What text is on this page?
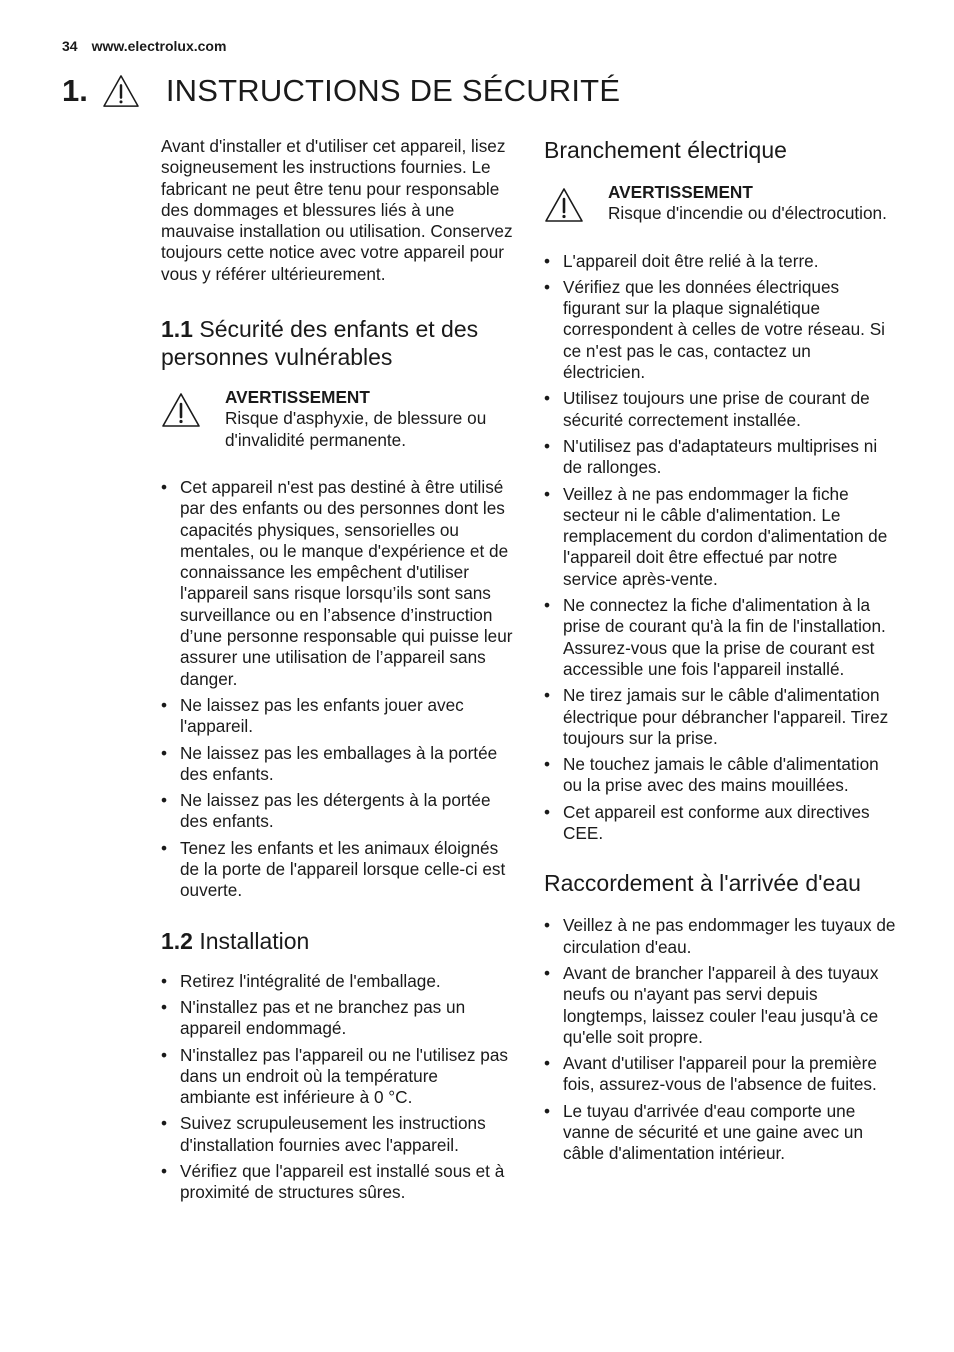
34 www.electrolux.com
1.	INSTRUCTIONS DE SÉCURITÉ

Avant d'installer et d'utiliser cet appareil, lisez soigneusement les instructions fournies. Le fabricant ne peut être tenu pour responsable des dommages et blessures liés à une mauvaise installation ou utilisation. Conservez toujours cette notice avec votre appareil pour vous y référer ultérieurement.

1.1 Sécurité des enfants et des personnes vulnérables
AVERTISSEMENT
Risque d'asphyxie, de blessure ou d'invalidité permanente.
• Cet appareil n'est pas destiné à être utilisé par des enfants ou des personnes dont les capacités physiques, sensorielles ou mentales, ou le manque d'expérience et de connaissance les empêchent d'utiliser l'appareil sans risque lorsqu’ils sont sans surveillance ou en l’absence d’instruction d’une personne responsable qui puisse leur assurer une utilisation de l’appareil sans danger.
• Ne laissez pas les enfants jouer avec l'appareil.
• Ne laissez pas les emballages à la portée des enfants.
• Ne laissez pas les détergents à la portée des enfants.
• Tenez les enfants et les animaux éloignés de la porte de l'appareil lorsque celle-ci est ouverte.
1.2 Installation
• Retirez l'intégralité de l'emballage.
• N'installez pas et ne branchez pas un appareil endommagé.
• N'installez pas l'appareil ou ne l'utilisez pas dans un endroit où la température ambiante est inférieure à 0 °C.
• Suivez scrupuleusement les instructions d'installation fournies avec l'appareil.
• Vérifiez que l'appareil est installé sous et à proximité de structures sûres.
Branchement électrique
AVERTISSEMENT
Risque d'incendie ou d'électrocution.
• L'appareil doit être relié à la terre.
• Vérifiez que les données électriques figurant sur la plaque signalétique correspondent à celles de votre réseau. Si ce n'est pas le cas, contactez un électricien.
• Utilisez toujours une prise de courant de sécurité correctement installée.
• N'utilisez pas d'adaptateurs multiprises ni de rallonges.
• Veillez à ne pas endommager la fiche secteur ni le câble d'alimentation. Le remplacement du cordon d'alimentation de l'appareil doit être effectué par notre service après-vente.
• Ne connectez la fiche d'alimentation à la prise de courant qu'à la fin de l'installation. Assurez-vous que la prise de courant est accessible une fois l'appareil installé.
• Ne tirez jamais sur le câble d'alimentation électrique pour débrancher l'appareil. Tirez toujours sur la prise.
• Ne touchez jamais le câble d'alimentation ou la prise avec des mains mouillées.
• Cet appareil est conforme aux directives CEE.
Raccordement à l'arrivée d'eau
• Veillez à ne pas endommager les tuyaux de circulation d'eau.
• Avant de brancher l'appareil à des tuyaux neufs ou n'ayant pas servi depuis longtemps, laissez couler l'eau jusqu'à ce qu'elle soit propre.
• Avant d'utiliser l'appareil pour la première fois, assurez-vous de l'absence de fuites.
• Le tuyau d'arrivée d'eau comporte une vanne de sécurité et une gaine avec un câble d'alimentation intérieur.
